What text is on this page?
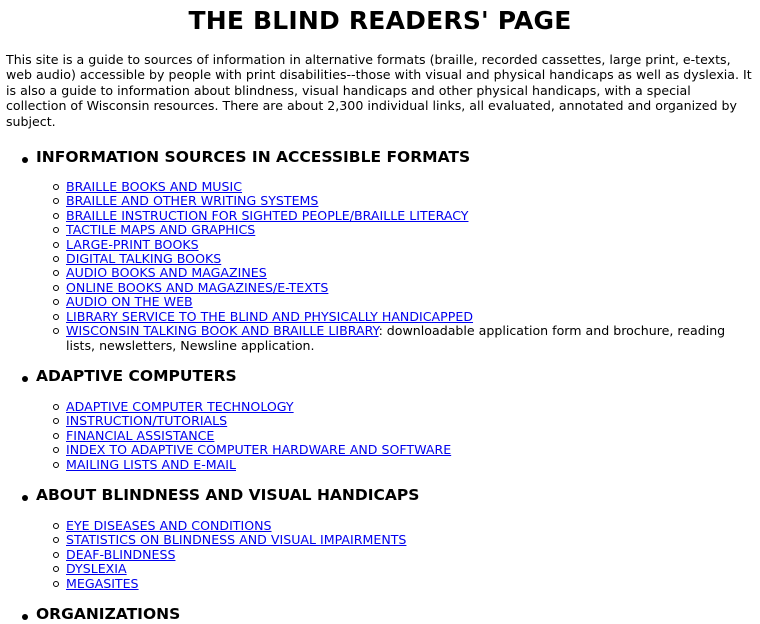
THE BLIND READERS' PAGE

This site is a guide to sources of information in alternative formats (braille, recorded cassettes, large print, e-texts, web audio) accessible by people with print disabilities--those with visual and physical handicaps as well as dyslexia. It is also a guide to information about blindness, visual handicaps and other physical handicaps, with a special collection of Wisconsin resources. There are about 2,300 individual links, all evaluated, annotated and organized by subject.

INFORMATION SOURCES IN ACCESSIBLE FORMATS
BRAILLE BOOKS AND MUSIC
BRAILLE AND OTHER WRITING SYSTEMS
BRAILLE INSTRUCTION FOR SIGHTED PEOPLE/BRAILLE LITERACY
TACTILE MAPS AND GRAPHICS
LARGE-PRINT BOOKS
DIGITAL TALKING BOOKS
AUDIO BOOKS AND MAGAZINES
ONLINE BOOKS AND MAGAZINES/E-TEXTS
AUDIO ON THE WEB
LIBRARY SERVICE TO THE BLIND AND PHYSICALLY HANDICAPPED
WISCONSIN TALKING BOOK AND BRAILLE LIBRARY: downloadable application form and brochure, reading lists, newsletters, Newsline application.
ADAPTIVE COMPUTERS
ADAPTIVE COMPUTER TECHNOLOGY
INSTRUCTION/TUTORIALS
FINANCIAL ASSISTANCE
INDEX TO ADAPTIVE COMPUTER HARDWARE AND SOFTWARE
MAILING LISTS AND E-MAIL
ABOUT BLINDNESS AND VISUAL HANDICAPS
EYE DISEASES AND CONDITIONS
STATISTICS ON BLINDNESS AND VISUAL IMPAIRMENTS
DEAF-BLINDNESS
DYSLEXIA
MEGASITES
ORGANIZATIONS
